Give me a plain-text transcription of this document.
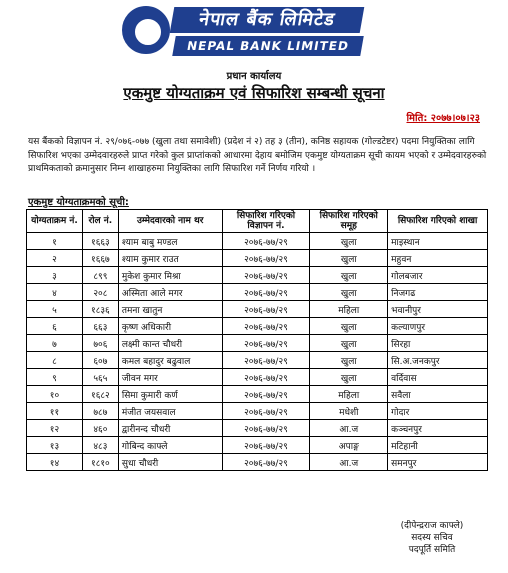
नेपाल बैंक लिमिटेड
NEPAL BANK LIMITED
प्रधान कार्यालय
एकमुष्ट योग्यताक्रम एवं सिफारिश सम्बन्धी सूचना
मिति: २०७७।०७।२३
यस बैंकको विज्ञापन नं. २९/०७६-०७७ (खुला तथा समावेशी) (प्रदेश नं २) तह ३ (तीन), कनिष्ठ सहायक (गोल्डटेष्टर) पदमा नियुक्तिका लागि सिफारिश भएका उम्मेदवारहरुले प्राप्त गरेको कुल प्राप्तांकको आधारमा देहाय बमोजिम एकमुष्ट योग्यताक्रम सूची कायम भएको र उम्मेदवारहरुको प्राथमिकताको क्रमानुसार निम्न शाखाहरुमा नियुक्तिका लागि सिफारिश गर्ने निर्णय गरियो ।
एकमुष्ट योग्यताक्रमको सूची:
योग्यताक्रम नं.	रोल नं.	उम्मेदवारको नाम थर	सिफारिश गरिएको विज्ञापन नं.	सिफारिश गरिएको समूह	सिफारिश गरिएको शाखा
१	१६६३	श्याम बाबु मण्डल	२०७६-७७/२९	खुला	माइस्थान
२	१६६७	श्याम कुमार राउत	२०७६-७७/२९	खुला	महुवन
३	८९९	मुकेश कुमार मिश्रा	२०७६-७७/२९	खुला	गोलबजार
४	२०८	अस्मिता आले मगर	२०७६-७७/२९	खुला	निजगढ
५	१८३६	तमना खातुन	२०७६-७७/२९	महिला	भवानीपुर
६	६६३	कृष्ण अधिकारी	२०७६-७७/२९	खुला	कल्याणपुर
७	७०६	लक्ष्मी कान्त चौधरी	२०७६-७७/२९	खुला	सिरहा
८	६०७	कमल बहादुर बढुवाल	२०७६-७७/२९	खुला	सि.अ.जनकपुर
९	५६५	जीवन मगर	२०७६-७७/२९	खुला	वर्दिवास
१०	१६८२	सिमा कुमारी कर्ण	२०७६-७७/२९	महिला	सवैला
११	७८७	मंजीत जयसवाल	२०७६-७७/२९	मधेशी	गोदार
१२	४६०	द्वारीनन्द चौधरी	२०७६-७७/२९	आ.ज	कञ्चनपुर
१३	४८३	गोबिन्द काफ्ले	२०७६-७७/२९	अपाङ्ग	मटिहानी
१४	१८१०	सुधा चौधरी	२०७६-७७/२९	आ.ज	समनपुर
(दीपेन्द्रराज काफ्ले)
सदस्य सचिव
पदपूर्ति समिति
